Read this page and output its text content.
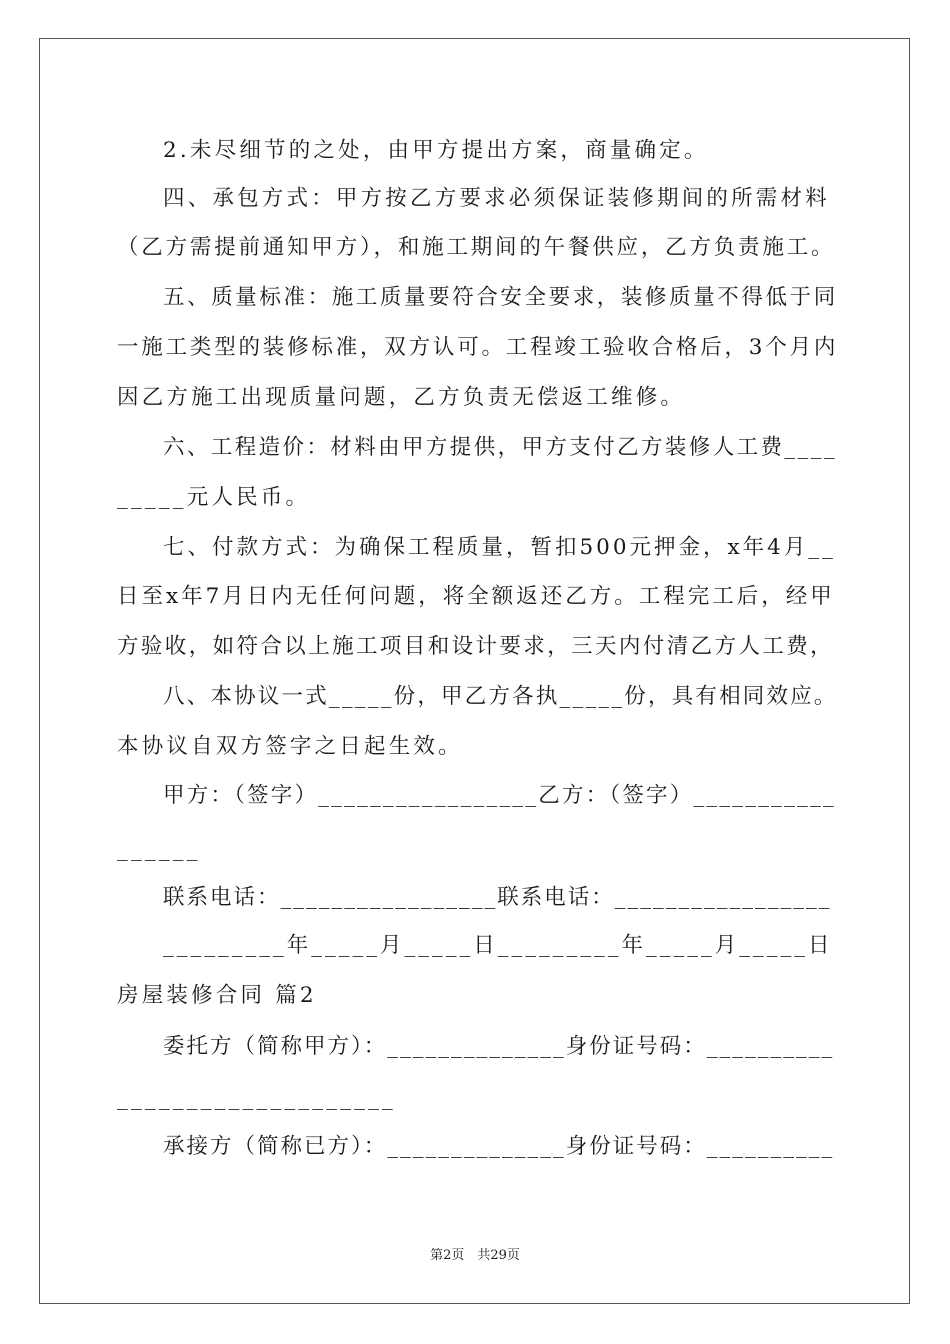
2.未尽细节的之处，由甲方提出方案，商量确定。
四、承包方式：甲方按乙方要求必须保证装修期间的所需材料
（乙方需提前通知甲方），和施工期间的午餐供应，乙方负责施工。
五、质量标准：施工质量要符合安全要求，装修质量不得低于同
一施工类型的装修标准，双方认可。工程竣工验收合格后，3个月内
因乙方施工出现质量问题，乙方负责无偿返工维修。
六、工程造价：材料由甲方提供，甲方支付乙方装修人工费____
_____元人民币。
七、付款方式：为确保工程质量，暂扣500元押金，x年4月__
日至x年7月日内无任何问题，将全额返还乙方。工程完工后，经甲
方验收，如符合以上施工项目和设计要求，三天内付清乙方人工费，
八、本协议一式_____份，甲乙方各执_____份，具有相同效应。
本协议自双方签字之日起生效。
甲方：（签字）_________________乙方：（签字）___________
______
联系电话：_________________联系电话：_________________
_________年_____月_____日_________年_____月_____日
房屋装修合同 篇2
委托方（简称甲方）：______________身份证号码：__________
____________________
承接方（简称已方）：______________身份证号码：__________
第2页　共29页
